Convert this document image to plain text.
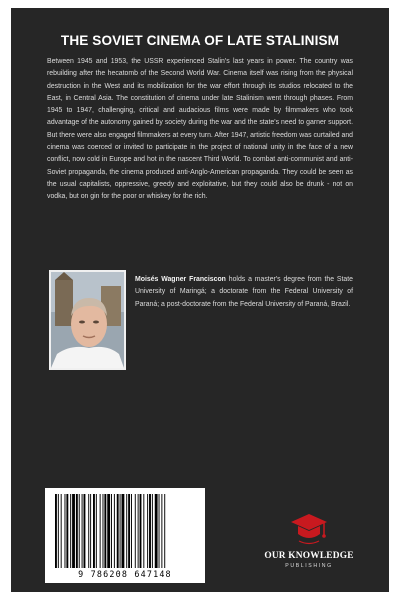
THE SOVIET CINEMA OF LATE STALINISM
Between 1945 and 1953, the USSR experienced Stalin's last years in power. The country was rebuilding after the hecatomb of the Second World War. Cinema itself was rising from the physical destruction in the West and its mobilization for the war effort through its studios relocated to the East, in Central Asia. The constitution of cinema under late Stalinism went through phases. From 1945 to 1947, challenging, critical and audacious films were made by filmmakers who took advantage of the autonomy gained by society during the war and the state's need to garner support. But there were also engaged filmmakers at every turn. After 1947, artistic freedom was curtailed and cinema was coerced or invited to participate in the project of national unity in the face of a new conflict, now cold in Europe and hot in the nascent Third World. To combat anti-communist and anti-Soviet propaganda, the cinema produced anti-Anglo-American propaganda. They could be seen as the usual capitalists, oppressive, greedy and exploitative, but they could also be drunk - not on vodka, but on gin for the poor or whiskey for the rich.
Moisés Wagner Franciscon holds a master's degree from the State University of Maringá; a doctorate from the Federal University of Paraná; a post-doctorate from the Federal University of Paraná, Brazil.
9 786208 647148
OUR KNOWLEDGE
PUBLISHING
